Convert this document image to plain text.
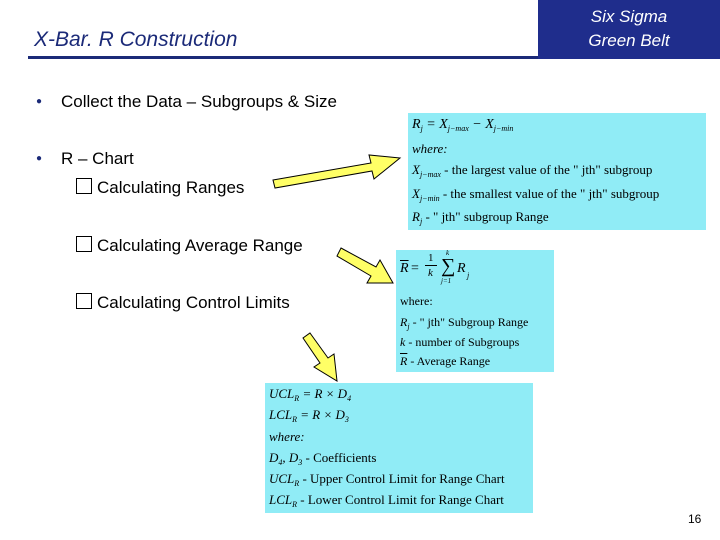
X-Bar. R Construction
Six Sigma
Green Belt
● Collect the Data – Subgroups & Size
● R – Chart
Calculating Ranges
Calculating Average Range
Calculating Control Limits
$R_j = X_{j-max} - X_{j-min}$
where:
$X_{j-max}$ - the largest value of the " jth" subgroup
$X_{j-min}$ - the smallest value of the " jth" subgroup
$R_j$ - " jth" subgroup Range
$\overline{R}$ =
1
k
k
∑
j=1
R j
where:
$R_j$ - " jth" Subgroup Range
k - number of Subgroups
$\overline{R}$ - Average Range
$UCL_R = R \times D_4$
$LCL_R = R \times D_3$
where:
$D_4$, $D_3$ - Coefficients
$UCL_R$ - Upper Control Limit for Range Chart
$LCL_R$ - Lower Control Limit for Range Chart
16
